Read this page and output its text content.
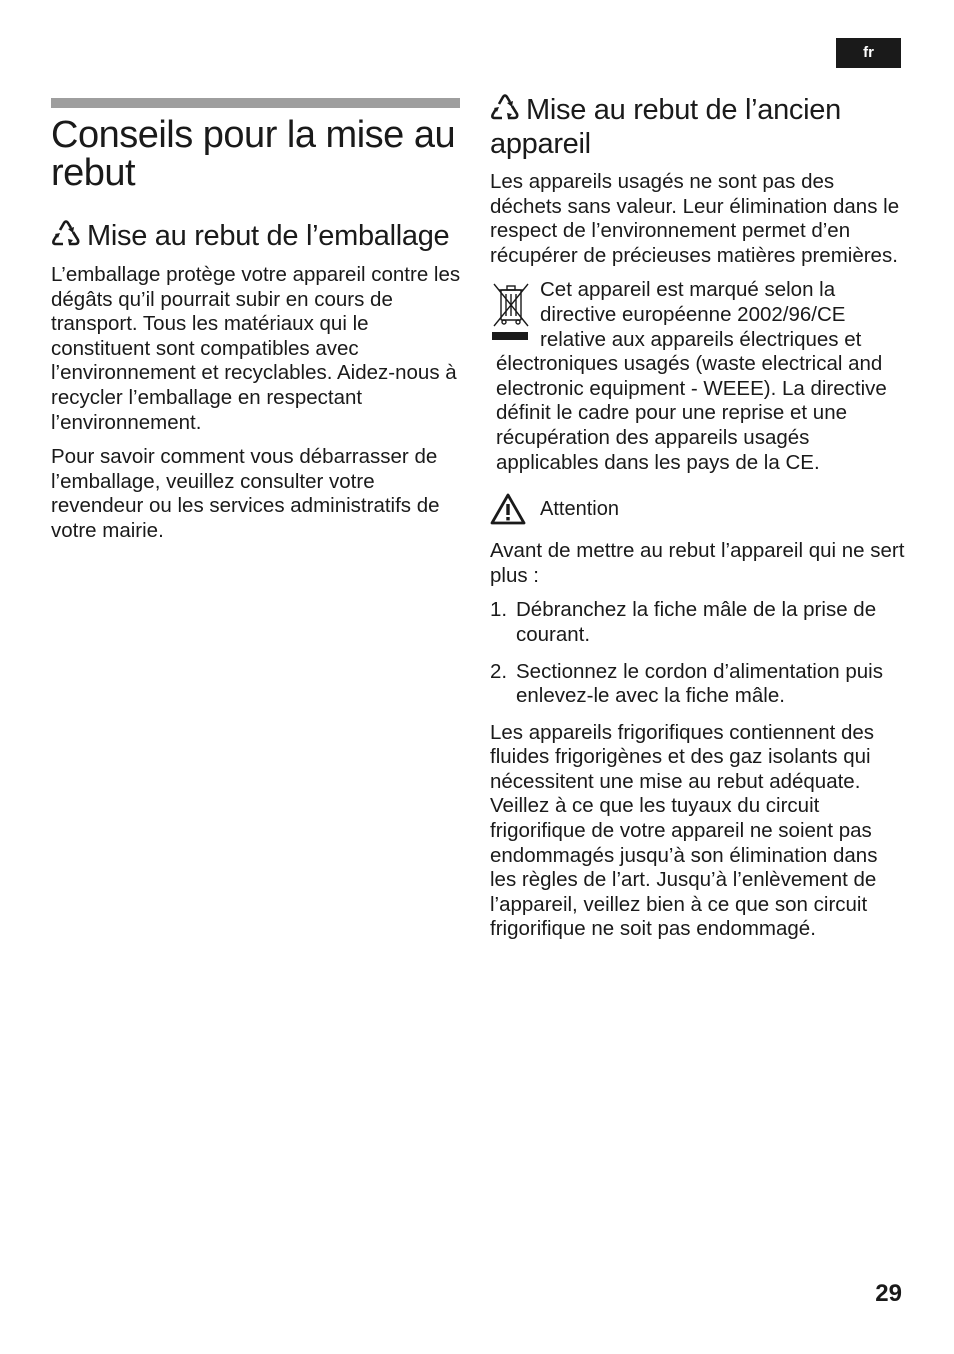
fr
Conseils pour la mise au rebut
Mise au rebut de l’emballage

L’emballage protège votre appareil contre les dégâts qu’il pourrait subir en cours de transport. Tous les matériaux qui le constituent sont compatibles avec l’environnement et recyclables. Aidez-nous à recycler l’emballage en respectant l’environnement.

Pour savoir comment vous débarrasser de l’emballage, veuillez consulter votre revendeur ou les services administratifs de votre mairie.

Mise au rebut de l’ancien appareil

Les appareils usagés ne sont pas des déchets sans valeur. Leur élimination dans le respect de l’environnement permet d’en récupérer de précieuses matières premières.

Cet appareil est marqué selon la directive européenne 2002/96/CE relative aux appareils électriques et électroniques usagés (waste electrical and electronic equipment - WEEE). La directive définit le cadre pour une reprise et une récupération des appareils usagés applicables dans les pays de la CE.

Attention

Avant de mettre au rebut l’appareil qui ne sert plus :

1. Débranchez la fiche mâle de la prise de courant.
2. Sectionnez le cordon d’alimentation puis enlevez-le avec la fiche mâle.

Les appareils frigorifiques contiennent des fluides frigorigènes et des gaz isolants qui nécessitent une mise au rebut adéquate. Veillez à ce que les tuyaux du circuit frigorifique de votre appareil ne soient pas endommagés jusqu’à son élimination dans les règles de l’art. Jusqu’à l’enlèvement de l’appareil, veillez bien à ce que son circuit frigorifique ne soit pas endommagé.

29
